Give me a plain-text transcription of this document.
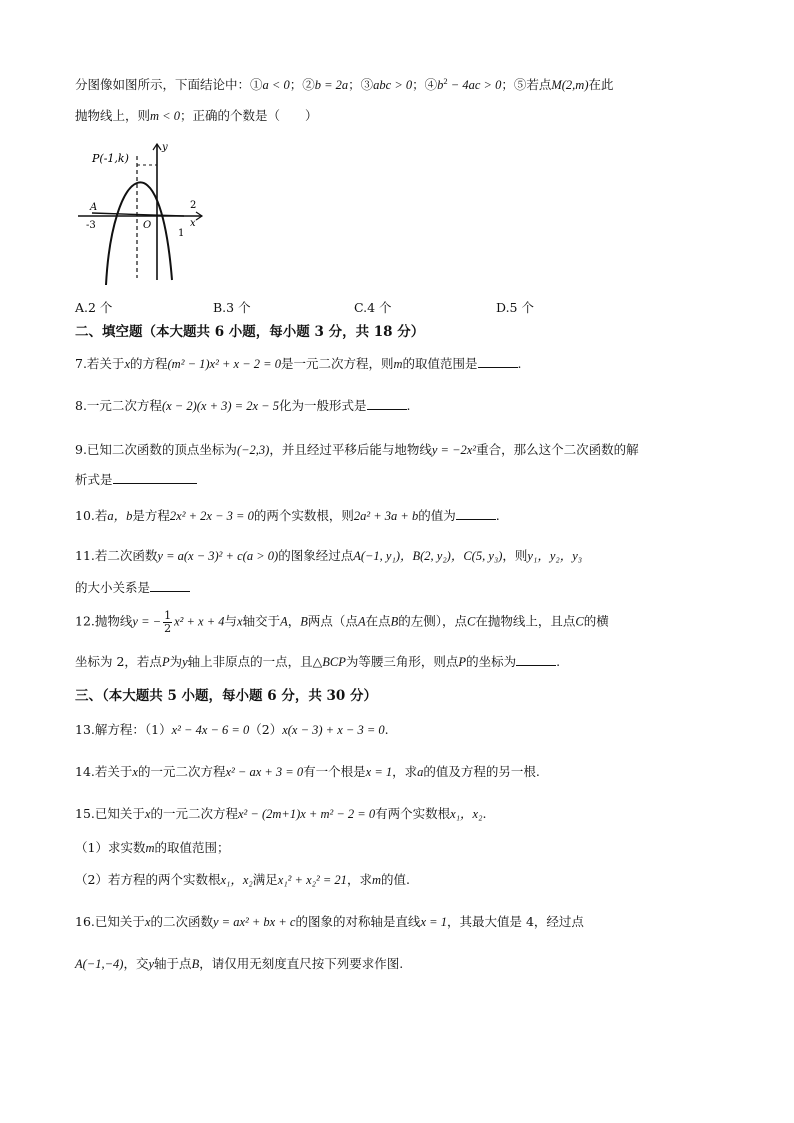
分图像如图所示，下面结论中：①a < 0；②b = 2a；③abc > 0；$④b^2 - 4ac > 0$；⑤若点M(2,m)在此
抛物线上，则m < 0；正确的个数是（　　）
P(-1,k)
y
x
A
O
-3
2
1
A.2 个	B.3 个	C.4 个	D.5 个
二、填空题（本大题共 6 小题，每小题 3 分，共 18 分）
7.若关于x的方程(m² − 1)x² + x − 2 = 0是一元二次方程，则m的取值范围是	.
8.一元二次方程(x − 2)(x + 3) = 2x − 5化为一般形式是	.
9.已知二次函数的顶点坐标为(−2,3)，并且经过平移后能与地物线y = −2x²重合，那么这个二次函数的解
析式是
10.若a，b是方程2x² + 2x − 3 = 0的两个实数根，则2a² + 3a + b的值为	.
11.若二次函数y = a(x − 3)² + c(a > 0)的图象经过点A(−1, y₁)，B(2, y₂)，C(5, y₃)，则y₁，y₂，y₃
的大小关系是
12.抛物线y = − $\frac{1}{2} x^2 + x + 4$与x轴交于A，B两点（点A在点B的左侧），点C在抛物线上，且点C的横
坐标为 2，若点P为y轴上非原点的一点，且△BCP为等腰三角形，则点P的坐标为	.
三、（本大题共 5 小题，每小题 6 分，共 30 分）
13.解方程：（1）x² − 4x − 6 = 0（2）x(x − 3) + x − 3 = 0.
14.若关于x的一元二次方程x² − ax + 3 = 0有一个根是x = 1，求a的值及方程的另一根.
15.已知关于x的一元二次方程x² − (2m+1)x + m² − 2 = 0有两个实数根x₁，x₂.
（1）求实数m的取值范围；
（2）若方程的两个实数根x₁，x₂满足x₁² + x₂² = 21，求m的值.
16.已知关于x的二次函数y = ax² + bx + c的图象的对称轴是直线x = 1，其最大值是 4，经过点
A(−1,−4)，交y轴于点B，请仅用无刻度直尺按下列要求作图.
